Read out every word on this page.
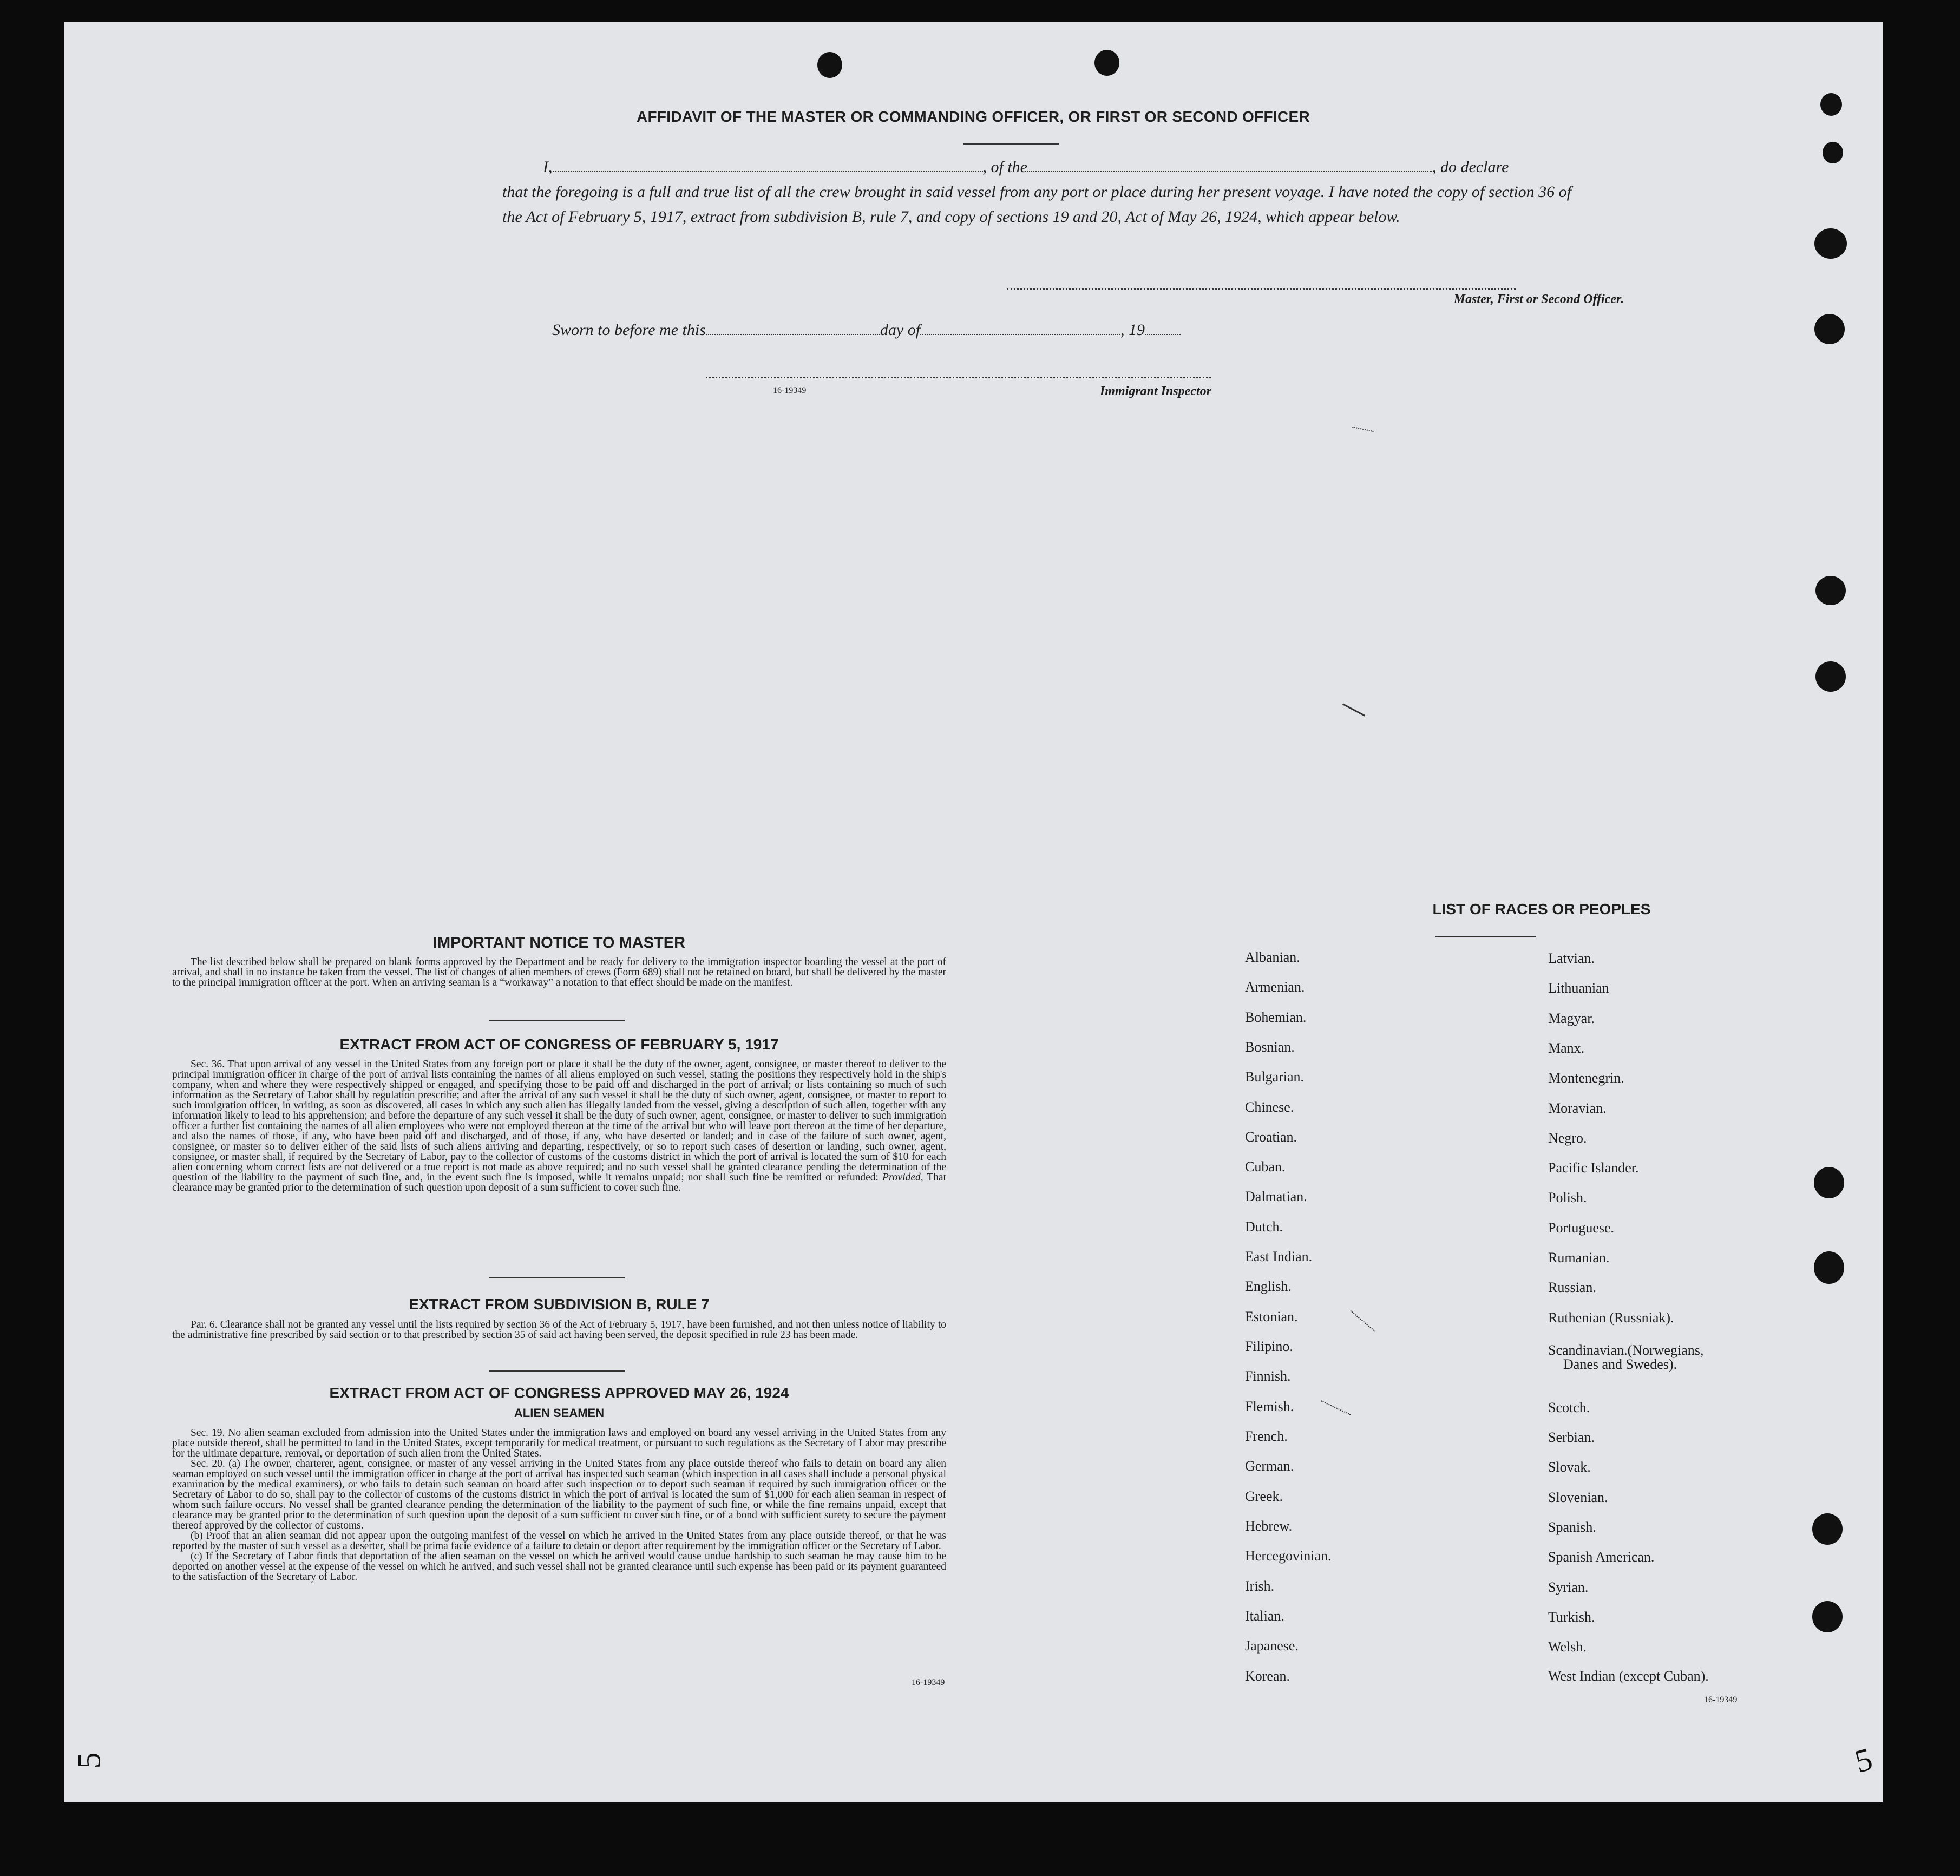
AFFIDAVIT OF THE MASTER OR COMMANDING OFFICER, OR FIRST OR SECOND OFFICER
I,	, of the	, do declare
that the foregoing is a full and true list of all the crew brought in said vessel from any port or place during her present voyage. I have noted the copy of section 36 of the Act of February 5, 1917, extract from subdivision B, rule 7, and copy of sections 19 and 20, Act of May 26, 1924, which appear below.
Master, First or Second Officer.
Sworn to before me this	day of	, 19
16-19349	Immigrant Inspector
IMPORTANT NOTICE TO MASTER

The list described below shall be prepared on blank forms approved by the Department and be ready for delivery to the immigration inspector boarding the vessel at the port of arrival, and shall in no instance be taken from the vessel. The list of changes of alien members of crews (Form 689) shall not be retained on board, but shall be delivered by the master to the principal immigration officer at the port. When an arriving seaman is a “workaway” a notation to that effect should be made on the manifest.

EXTRACT FROM ACT OF CONGRESS OF FEBRUARY 5, 1917

Sec. 36. That upon arrival of any vessel in the United States from any foreign port or place it shall be the duty of the owner, agent, consignee, or master thereof to deliver to the principal immigration officer in charge of the port of arrival lists containing the names of all aliens employed on such vessel, stating the positions they respectively hold in the ship's company, when and where they were respectively shipped or engaged, and specifying those to be paid off and discharged in the port of arrival; or lists containing so much of such information as the Secretary of Labor shall by regulation prescribe; and after the arrival of any such vessel it shall be the duty of such owner, agent, consignee, or master to report to such immigration officer, in writing, as soon as discovered, all cases in which any such alien has illegally landed from the vessel, giving a description of such alien, together with any information likely to lead to his apprehension; and before the departure of any such vessel it shall be the duty of such owner, agent, consignee, or master to deliver to such immigration officer a further list containing the names of all alien employees who were not employed thereon at the time of the arrival but who will leave port thereon at the time of her departure, and also the names of those, if any, who have been paid off and discharged, and of those, if any, who have deserted or landed; and in case of the failure of such owner, agent, consignee, or master so to deliver either of the said lists of such aliens arriving and departing, respectively, or so to report such cases of desertion or landing, such owner, agent, consignee, or master shall, if required by the Secretary of Labor, pay to the collector of customs of the customs district in which the port of arrival is located the sum of $10 for each alien concerning whom correct lists are not delivered or a true report is not made as above required; and no such vessel shall be granted clearance pending the determination of the question of the liability to the payment of such fine, and, in the event such fine is imposed, while it remains unpaid; nor shall such fine be remitted or refunded: Provided, That clearance may be granted prior to the determination of such question upon deposit of a sum sufficient to cover such fine.

EXTRACT FROM SUBDIVISION B, RULE 7

Par. 6. Clearance shall not be granted any vessel until the lists required by section 36 of the Act of February 5, 1917, have been furnished, and not then unless notice of liability to the administrative fine prescribed by said section or to that prescribed by section 35 of said act having been served, the deposit specified in rule 23 has been made.

EXTRACT FROM ACT OF CONGRESS APPROVED MAY 26, 1924
ALIEN SEAMEN

Sec. 19. No alien seaman excluded from admission into the United States under the immigration laws and employed on board any vessel arriving in the United States from any place outside thereof, shall be permitted to land in the United States, except temporarily for medical treatment, or pursuant to such regulations as the Secretary of Labor may prescribe for the ultimate departure, removal, or deportation of such alien from the United States.

Sec. 20. (a) The owner, charterer, agent, consignee, or master of any vessel arriving in the United States from any place outside thereof who fails to detain on board any alien seaman employed on such vessel until the immigration officer in charge at the port of arrival has inspected such seaman (which inspection in all cases shall include a personal physical examination by the medical examiners), or who fails to detain such seaman on board after such inspection or to deport such seaman if required by such immigration officer or the Secretary of Labor to do so, shall pay to the collector of customs of the customs district in which the port of arrival is located the sum of $1,000 for each alien seaman in respect of whom such failure occurs. No vessel shall be granted clearance pending the determination of the liability to the payment of such fine, or while the fine remains unpaid, except that clearance may be granted prior to the determination of such question upon the deposit of a sum sufficient to cover such fine, or of a bond with sufficient surety to secure the payment thereof approved by the collector of customs.

(b) Proof that an alien seaman did not appear upon the outgoing manifest of the vessel on which he arrived in the United States from any place outside thereof, or that he was reported by the master of such vessel as a deserter, shall be prima facie evidence of a failure to detain or deport after requirement by the immigration officer or the Secretary of Labor.

(c) If the Secretary of Labor finds that deportation of the alien seaman on the vessel on which he arrived would cause undue hardship to such seaman he may cause him to be deported on another vessel at the expense of the vessel on which he arrived, and such vessel shall not be granted clearance until such expense has been paid or its payment guaranteed to the satisfaction of the Secretary of Labor.

16-19349
LIST OF RACES OR PEOPLES
Albanian.
Armenian.
Bohemian.
Bosnian.
Bulgarian.
Chinese.
Croatian.
Cuban.
Dalmatian.
Dutch.
East Indian.
English.
Estonian.
Filipino.
Finnish.
Flemish.
French.
German.
Greek.
Hebrew.
Hercegovinian.
Irish.
Italian.
Japanese.
Korean.
Latvian.
Lithuanian
Magyar.
Manx.
Montenegrin.
Moravian.
Negro.
Pacific Islander.
Polish.
Portuguese.
Rumanian.
Russian.
Ruthenian (Russniak).
Scandinavian.(Norwegians,
Danes and Swedes).
Scotch.
Serbian.
Slovak.
Slovenian.
Spanish.
Spanish American.
Syrian.
Turkish.
Welsh.
West Indian (except Cuban).
16-19349
5	5
